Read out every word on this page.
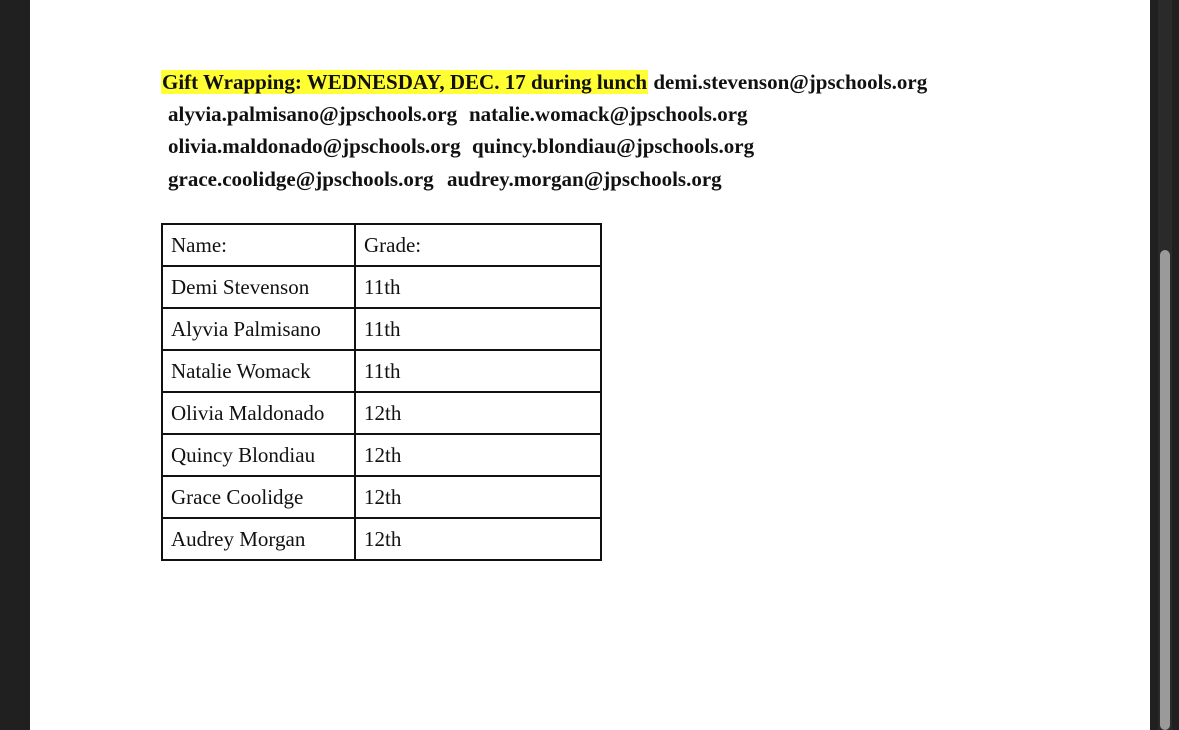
Gift Wrapping: WEDNESDAY, DEC. 17 during lunch demi.stevenson@jpschools.org
alyvia.palmisano@jpschools.org natalie.womack@jpschools.org
olivia.maldonado@jpschools.org quincy.blondiau@jpschools.org
grace.coolidge@jpschools.org audrey.morgan@jpschools.org
Name:	Grade:
Demi Stevenson	11th
Alyvia Palmisano	11th
Natalie Womack	11th
Olivia Maldonado	12th
Quincy Blondiau	12th
Grace Coolidge	12th
Audrey Morgan	12th
